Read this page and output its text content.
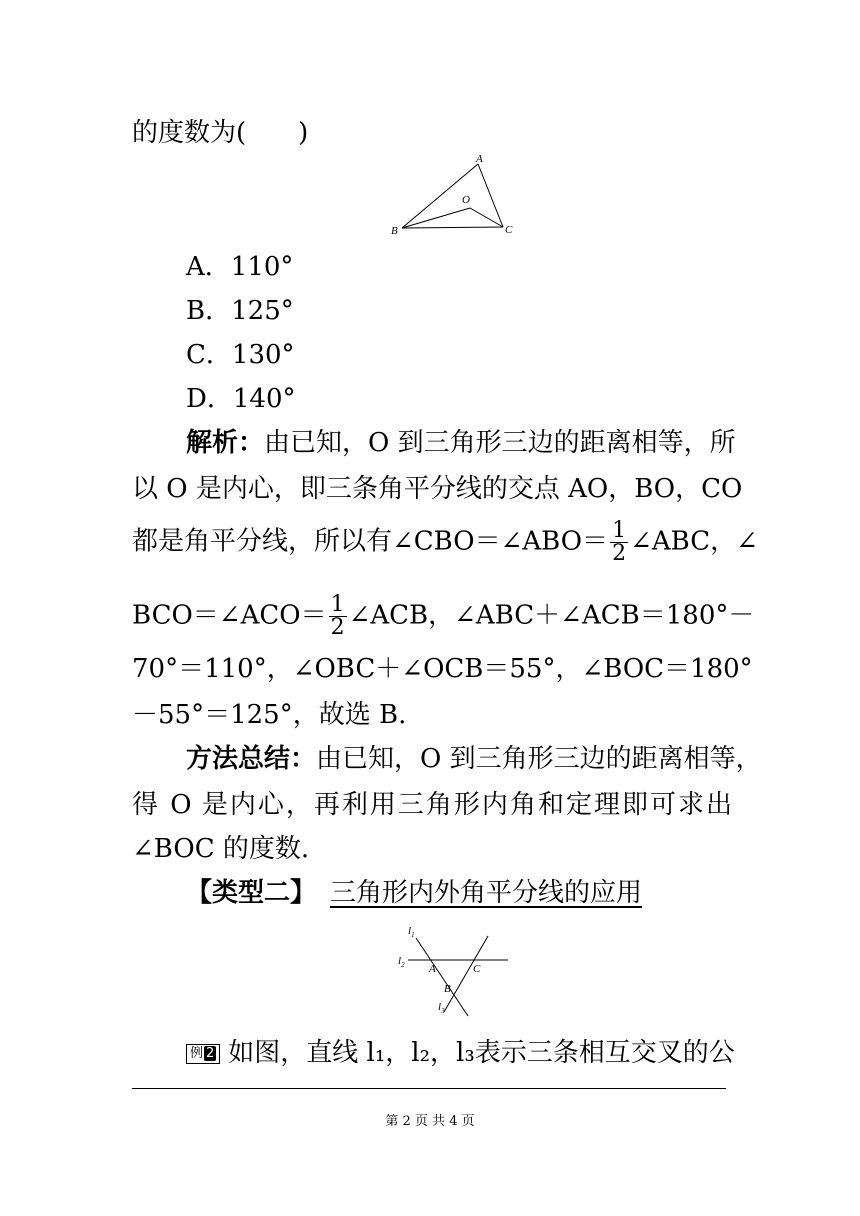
的度数为(　　)
A
B	C
O
A．110°
B．125°
C．130°
D．140°
解析：由已知，O 到三角形三边的距离相等，所
以 O 是内心，即三条角平分线的交点 AO，BO，CO
都是角平分线，所以有∠CBO＝∠ABO＝ $\frac{1}{2}$ ∠ABC，∠
BCO＝∠ACO＝ $\frac{1}{2}$ ∠ACB，∠ABC＋∠ACB＝180°－
70°＝110°，∠OBC＋∠OCB＝55°，∠BOC＝180°
－55°＝125°，故选 B.
方法总结：由已知，O 到三角形三边的距离相等，
得 O 是内心，再利用三角形内角和定理即可求出
∠BOC 的度数.
【类型二】 三角形内外角平分线的应用
$l_1$
$l_2$
$l_3$
A	C
B
例 2 如图，直线 l₁，l₂，l₃表示三条相互交叉的公
第 2 页 共 4 页
